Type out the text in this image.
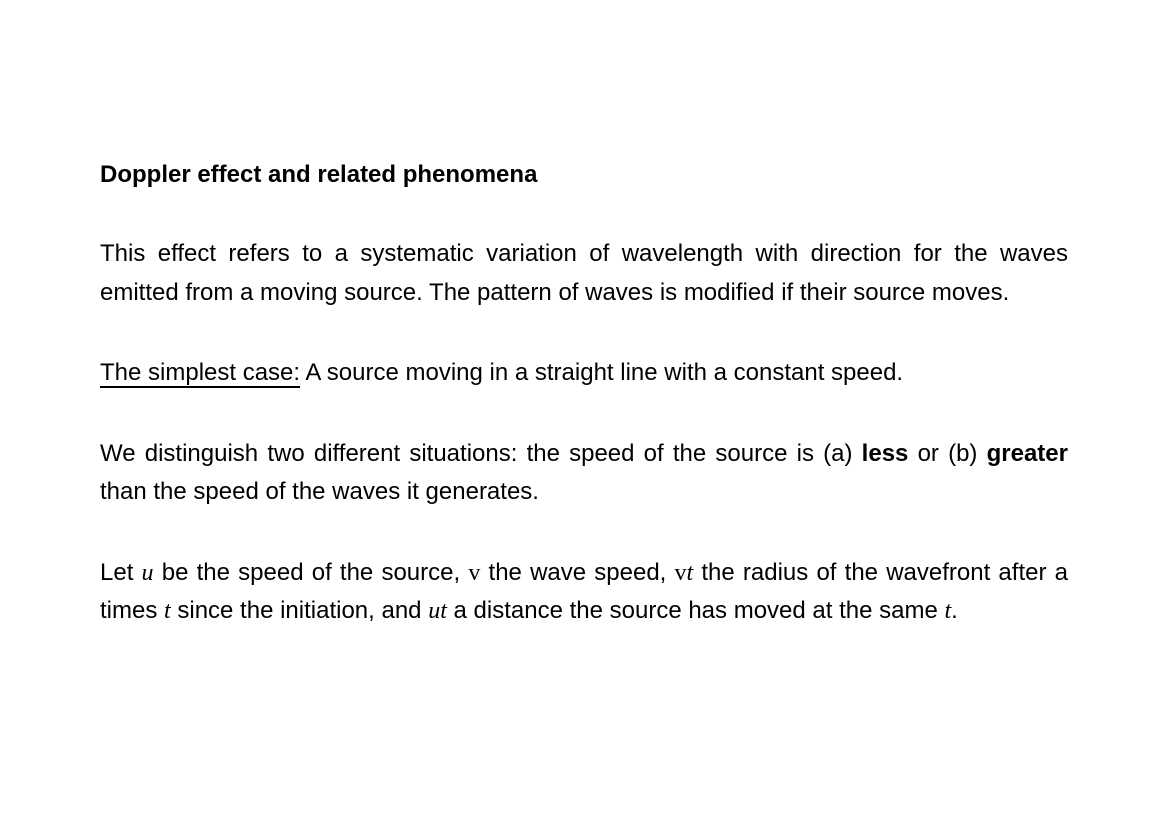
Doppler effect and related phenomena

This effect refers to a systematic variation of wavelength with direction for the waves emitted from a moving source. The pattern of waves is modified if their source moves.

The simplest case: A source moving in a straight line with a constant speed.

We distinguish two different situations: the speed of the source is (a) less or (b) greater than the speed of the waves it generates.

Let u be the speed of the source, v the wave speed, vt the radius of the wavefront after a times t since the initiation, and ut a distance the source has moved at the same t.
